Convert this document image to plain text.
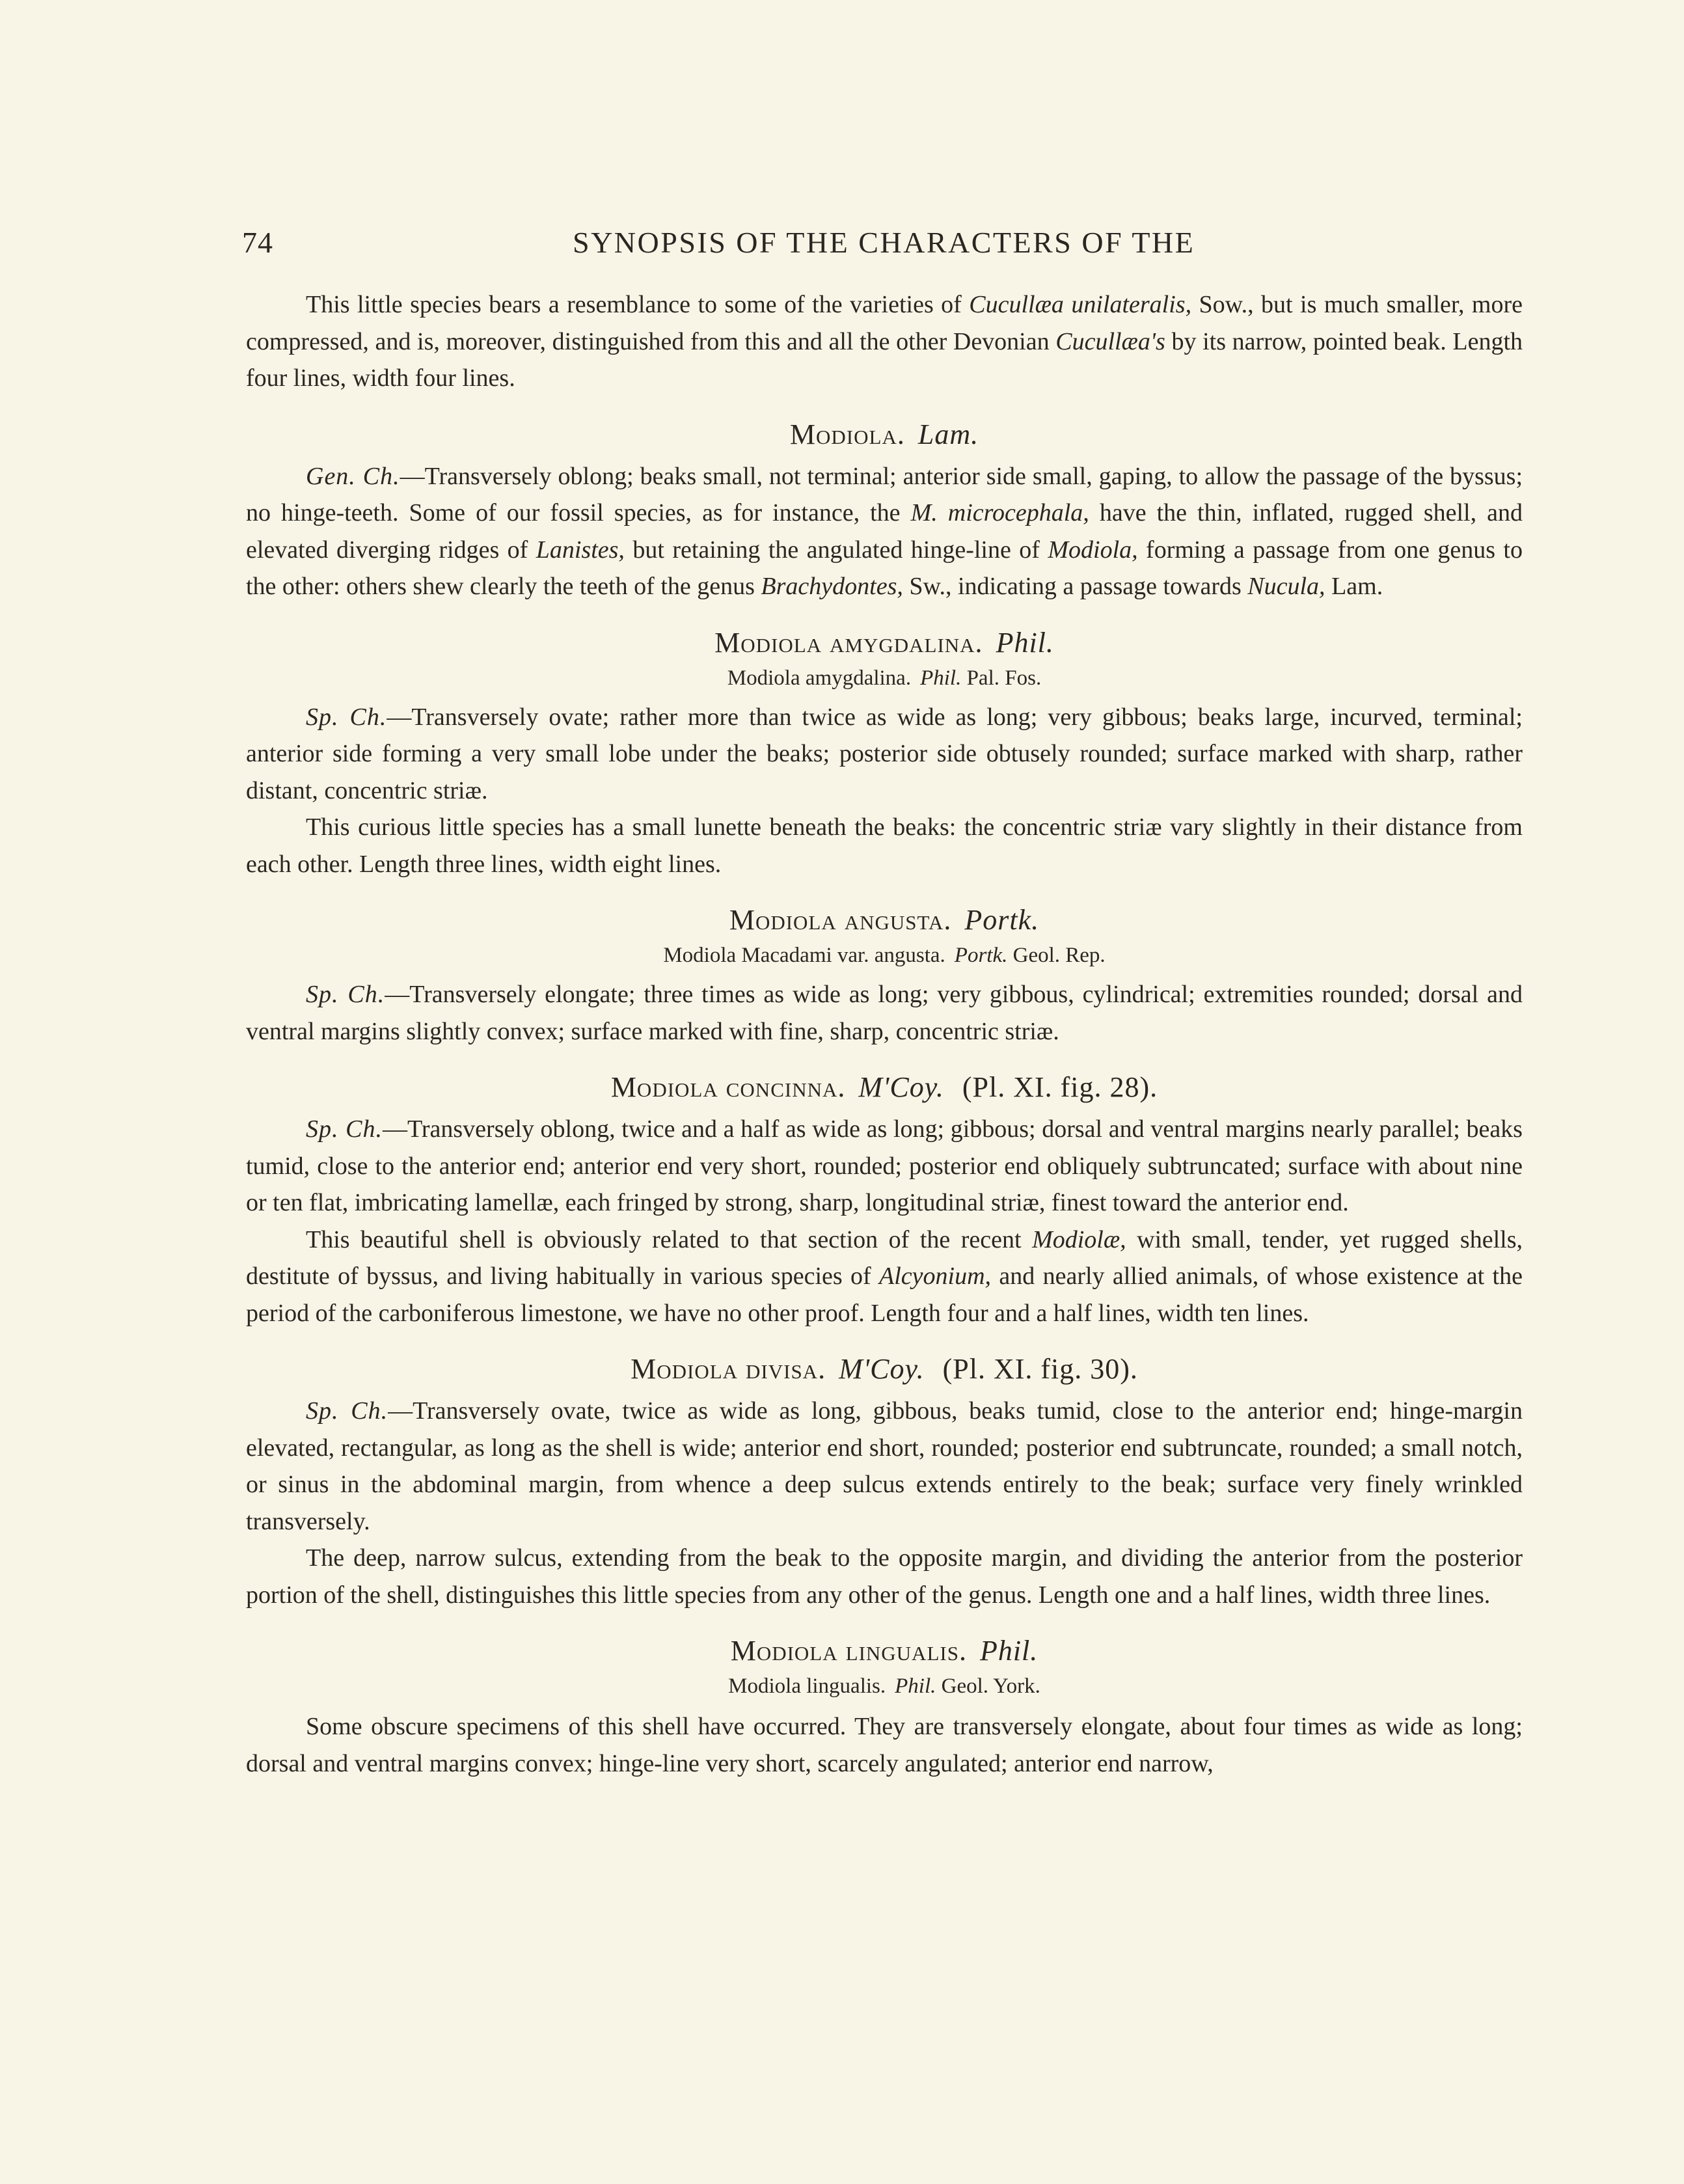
74	SYNOPSIS OF THE CHARACTERS OF THE

This little species bears a resemblance to some of the varieties of Cucullæa unilateralis, Sow., but is much smaller, more compressed, and is, moreover, distinguished from this and all the other Devonian Cucullæa's by its narrow, pointed beak. Length four lines, width four lines.

Modiola. Lam.

Gen. Ch.—Transversely oblong; beaks small, not terminal; anterior side small, gaping, to allow the passage of the byssus; no hinge-teeth. Some of our fossil species, as for instance, the M. microcephala, have the thin, inflated, rugged shell, and elevated diverging ridges of Lanistes, but retaining the angulated hinge-line of Modiola, forming a passage from one genus to the other: others shew clearly the teeth of the genus Brachydontes, Sw., indicating a passage towards Nucula, Lam.

Modiola amygdalina. Phil.
Modiola amygdalina. Phil. Pal. Fos.

Sp. Ch.—Transversely ovate; rather more than twice as wide as long; very gibbous; beaks large, incurved, terminal; anterior side forming a very small lobe under the beaks; posterior side obtusely rounded; surface marked with sharp, rather distant, concentric striæ.

This curious little species has a small lunette beneath the beaks: the concentric striæ vary slightly in their distance from each other. Length three lines, width eight lines.

Modiola angusta. Portk.
Modiola Macadami var. angusta. Portk. Geol. Rep.

Sp. Ch.—Transversely elongate; three times as wide as long; very gibbous, cylindrical; extremities rounded; dorsal and ventral margins slightly convex; surface marked with fine, sharp, concentric striæ.

Modiola concinna. M'Coy. (Pl. XI. fig. 28).

Sp. Ch.—Transversely oblong, twice and a half as wide as long; gibbous; dorsal and ventral margins nearly parallel; beaks tumid, close to the anterior end; anterior end very short, rounded; posterior end obliquely subtruncated; surface with about nine or ten flat, imbricating lamellæ, each fringed by strong, sharp, longitudinal striæ, finest toward the anterior end.

This beautiful shell is obviously related to that section of the recent Modiolæ, with small, tender, yet rugged shells, destitute of byssus, and living habitually in various species of Alcyonium, and nearly allied animals, of whose existence at the period of the carboniferous limestone, we have no other proof. Length four and a half lines, width ten lines.

Modiola divisa. M'Coy. (Pl. XI. fig. 30).

Sp. Ch.—Transversely ovate, twice as wide as long, gibbous, beaks tumid, close to the anterior end; hinge-margin elevated, rectangular, as long as the shell is wide; anterior end short, rounded; posterior end subtruncate, rounded; a small notch, or sinus in the abdominal margin, from whence a deep sulcus extends entirely to the beak; surface very finely wrinkled transversely.

The deep, narrow sulcus, extending from the beak to the opposite margin, and dividing the anterior from the posterior portion of the shell, distinguishes this little species from any other of the genus. Length one and a half lines, width three lines.

Modiola lingualis. Phil.
Modiola lingualis. Phil. Geol. York.

Some obscure specimens of this shell have occurred. They are transversely elongate, about four times as wide as long; dorsal and ventral margins convex; hinge-line very short, scarcely angulated; anterior end narrow,
